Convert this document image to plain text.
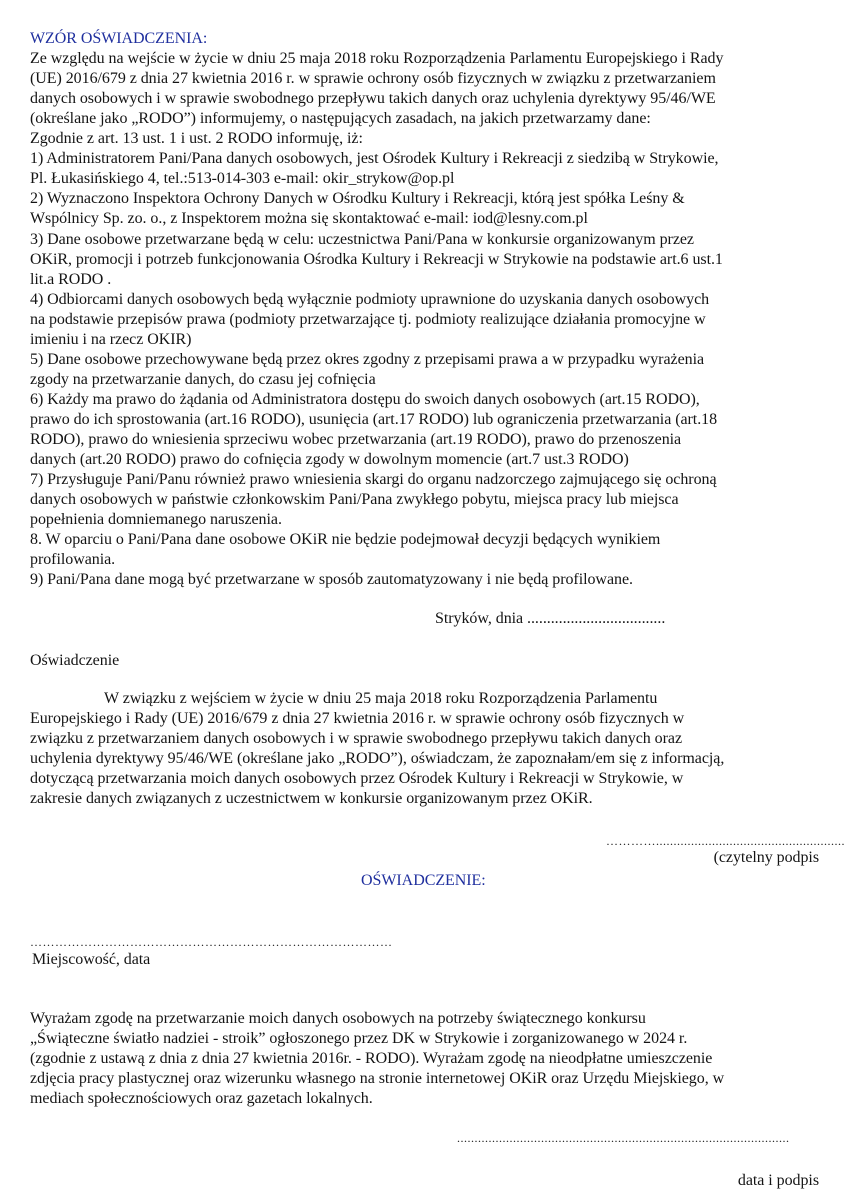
WZÓR OŚWIADCZENIA:
Ze względu na wejście w życie w dniu 25 maja 2018 roku Rozporządzenia Parlamentu Europejskiego i Rady
(UE) 2016/679 z dnia 27 kwietnia 2016 r. w sprawie ochrony osób fizycznych w związku z przetwarzaniem
danych osobowych i w sprawie swobodnego przepływu takich danych oraz uchylenia dyrektywy 95/46/WE
(określane jako „RODO”) informujemy, o następujących zasadach, na jakich przetwarzamy dane:
Zgodnie z art. 13 ust. 1 i ust. 2 RODO informuję, iż:
1) Administratorem Pani/Pana danych osobowych, jest Ośrodek Kultury i Rekreacji z siedzibą w Strykowie,
Pl. Łukasińskiego 4, tel.:513-014-303 e-mail: okir_strykow@op.pl
2) Wyznaczono Inspektora Ochrony Danych w Ośrodku Kultury i Rekreacji, którą jest spółka Leśny &
Wspólnicy Sp. zo. o., z Inspektorem można się skontaktować e-mail: iod@lesny.com.pl
3) Dane osobowe przetwarzane będą w celu: uczestnictwa Pani/Pana w konkursie organizowanym przez
OKiR, promocji i potrzeb funkcjonowania Ośrodka Kultury i Rekreacji w Strykowie na podstawie art.6 ust.1
lit.a RODO .
4) Odbiorcami danych osobowych będą wyłącznie podmioty uprawnione do uzyskania danych osobowych
na podstawie przepisów prawa (podmioty przetwarzające tj. podmioty realizujące działania promocyjne w
imieniu i na rzecz OKIR)
5) Dane osobowe przechowywane będą przez okres zgodny z przepisami prawa a w przypadku wyrażenia
zgody na przetwarzanie danych, do czasu jej cofnięcia
6) Każdy ma prawo do żądania od Administratora dostępu do swoich danych osobowych (art.15 RODO),
prawo do ich sprostowania (art.16 RODO), usunięcia (art.17 RODO) lub ograniczenia przetwarzania (art.18
RODO), prawo do wniesienia sprzeciwu wobec przetwarzania (art.19 RODO), prawo do przenoszenia
danych (art.20 RODO) prawo do cofnięcia zgody w dowolnym momencie (art.7 ust.3 RODO)
7) Przysługuje Pani/Panu również prawo wniesienia skargi do organu nadzorczego zajmującego się ochroną
danych osobowych w państwie członkowskim Pani/Pana zwykłego pobytu, miejsca pracy lub miejsca
popełnienia domniemanego naruszenia.
8. W oparciu o Pani/Pana dane osobowe OKiR nie będzie podejmował decyzji będących wynikiem
profilowania.
9) Pani/Pana dane mogą być przetwarzane w sposób zautomatyzowany i nie będą profilowane.
Stryków, dnia ...................................
Oświadczenie
W związku z wejściem w życie w dniu 25 maja 2018 roku Rozporządzenia Parlamentu
Europejskiego i Rady (UE) 2016/679 z dnia 27 kwietnia 2016 r. w sprawie ochrony osób fizycznych w
związku z przetwarzaniem danych osobowych i w sprawie swobodnego przepływu takich danych oraz
uchylenia dyrektywy 95/46/WE (określane jako „RODO”), oświadczam, że zapoznałam/em się z informacją,
dotyczącą przetwarzania moich danych osobowych przez Ośrodek Kultury i Rekreacji w Strykowie, w
zakresie danych związanych z uczestnictwem w konkursie organizowanym przez OKiR.
…………......................................................
(czytelny podpis
OŚWIADCZENIE:
……………………………………………………………………………
Miejscowość, data
Wyrażam zgodę na przetwarzanie moich danych osobowych na potrzeby świątecznego konkursu
„Świąteczne światło nadziei - stroik” ogłoszonego przez DK w Strykowie i zorganizowanego w 2024 r.
(zgodnie z ustawą z dnia z dnia 27 kwietnia 2016r. - RODO). Wyrażam zgodę na nieodpłatne umieszczenie
zdjęcia pracy plastycznej oraz wizerunku własnego na stronie internetowej OKiR oraz Urzędu Miejskiego, w
mediach społecznościowych oraz gazetach lokalnych.
...............................................................................................
data i podpis
